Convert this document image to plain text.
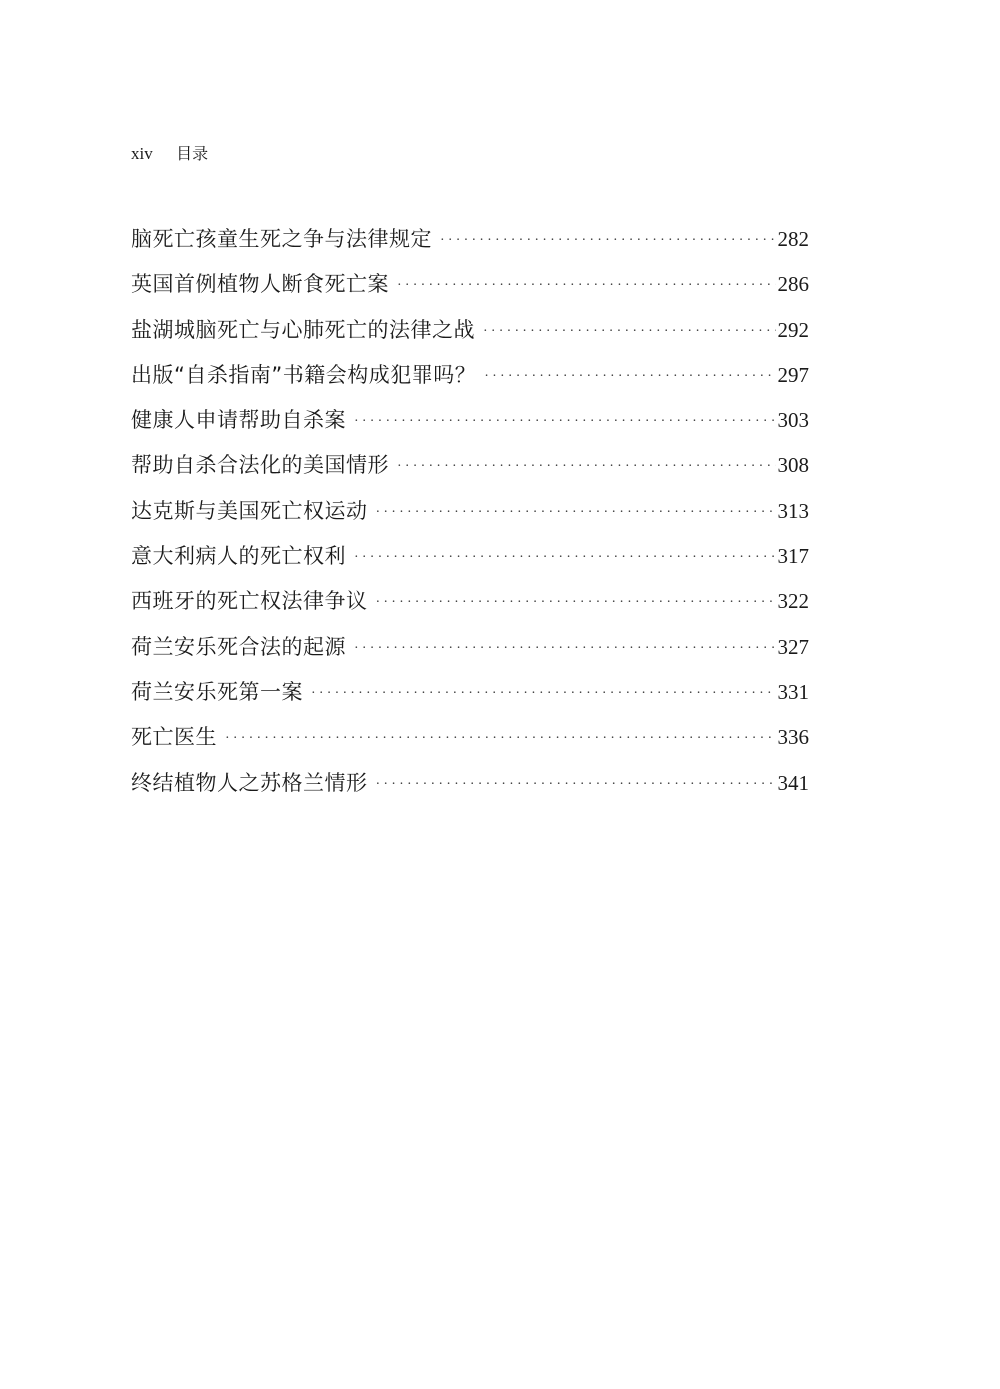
xiv 目录
脑死亡孩童生死之争与法律规定 ·····	282
英国首例植物人断食死亡案 ·····	286
盐湖城脑死亡与心肺死亡的法律之战 ·····	292
出版“自杀指南”书籍会构成犯罪吗？ ·····	297
健康人申请帮助自杀案 ·····	303
帮助自杀合法化的美国情形 ·····	308
达克斯与美国死亡权运动 ·····	313
意大利病人的死亡权利 ·····	317
西班牙的死亡权法律争议 ·····	322
荷兰安乐死合法的起源 ·····	327
荷兰安乐死第一案 ·····	331
死亡医生 ·····	336
终结植物人之苏格兰情形 ·····	341
